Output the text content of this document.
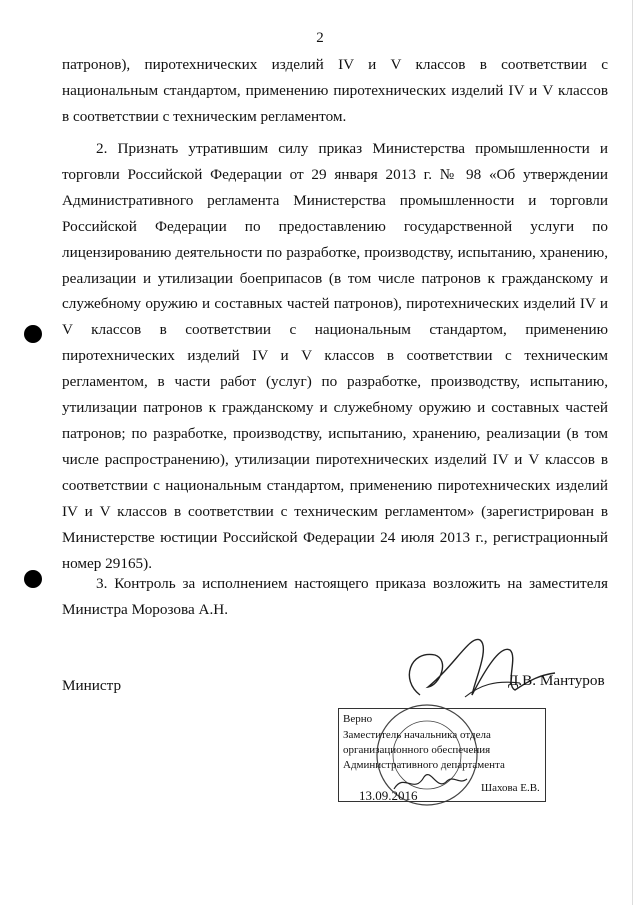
2

патронов), пиротехнических изделий IV и V классов в соответствии с национальным стандартом, применению пиротехнических изделий IV и V классов в соответствии с техническим регламентом.

2. Признать утратившим силу приказ Министерства промышленности и торговли Российской Федерации от 29 января 2013 г. № 98 «Об утверждении Административного регламента Министерства промышленности и торговли Российской Федерации по предоставлению государственной услуги по лицензированию деятельности по разработке, производству, испытанию, хранению, реализации и утилизации боеприпасов (в том числе патронов к гражданскому и служебному оружию и составных частей патронов), пиротехнических изделий IV и V классов в соответствии с национальным стандартом, применению пиротехнических изделий IV и V классов в соответствии с техническим регламентом, в части работ (услуг) по разработке, производству, испытанию, утилизации патронов к гражданскому и служебному оружию и составных частей патронов; по разработке, производству, испытанию, хранению, реализации (в том числе распространению), утилизации пиротехнических изделий IV и V классов в соответствии с национальным стандартом, применению пиротехнических изделий IV и V классов в соответствии с техническим регламентом» (зарегистрирован в Министерстве юстиции Российской Федерации 24 июля 2013 г., регистрационный номер 29165).

3. Контроль за исполнением настоящего приказа возложить на заместителя Министра Морозова А.Н.

Министр	Д.В. Мантуров
Верно
Заместитель начальника отдела
организационного обеспечения
Административного департамента
Шахова Е.В.
13.09.2016
